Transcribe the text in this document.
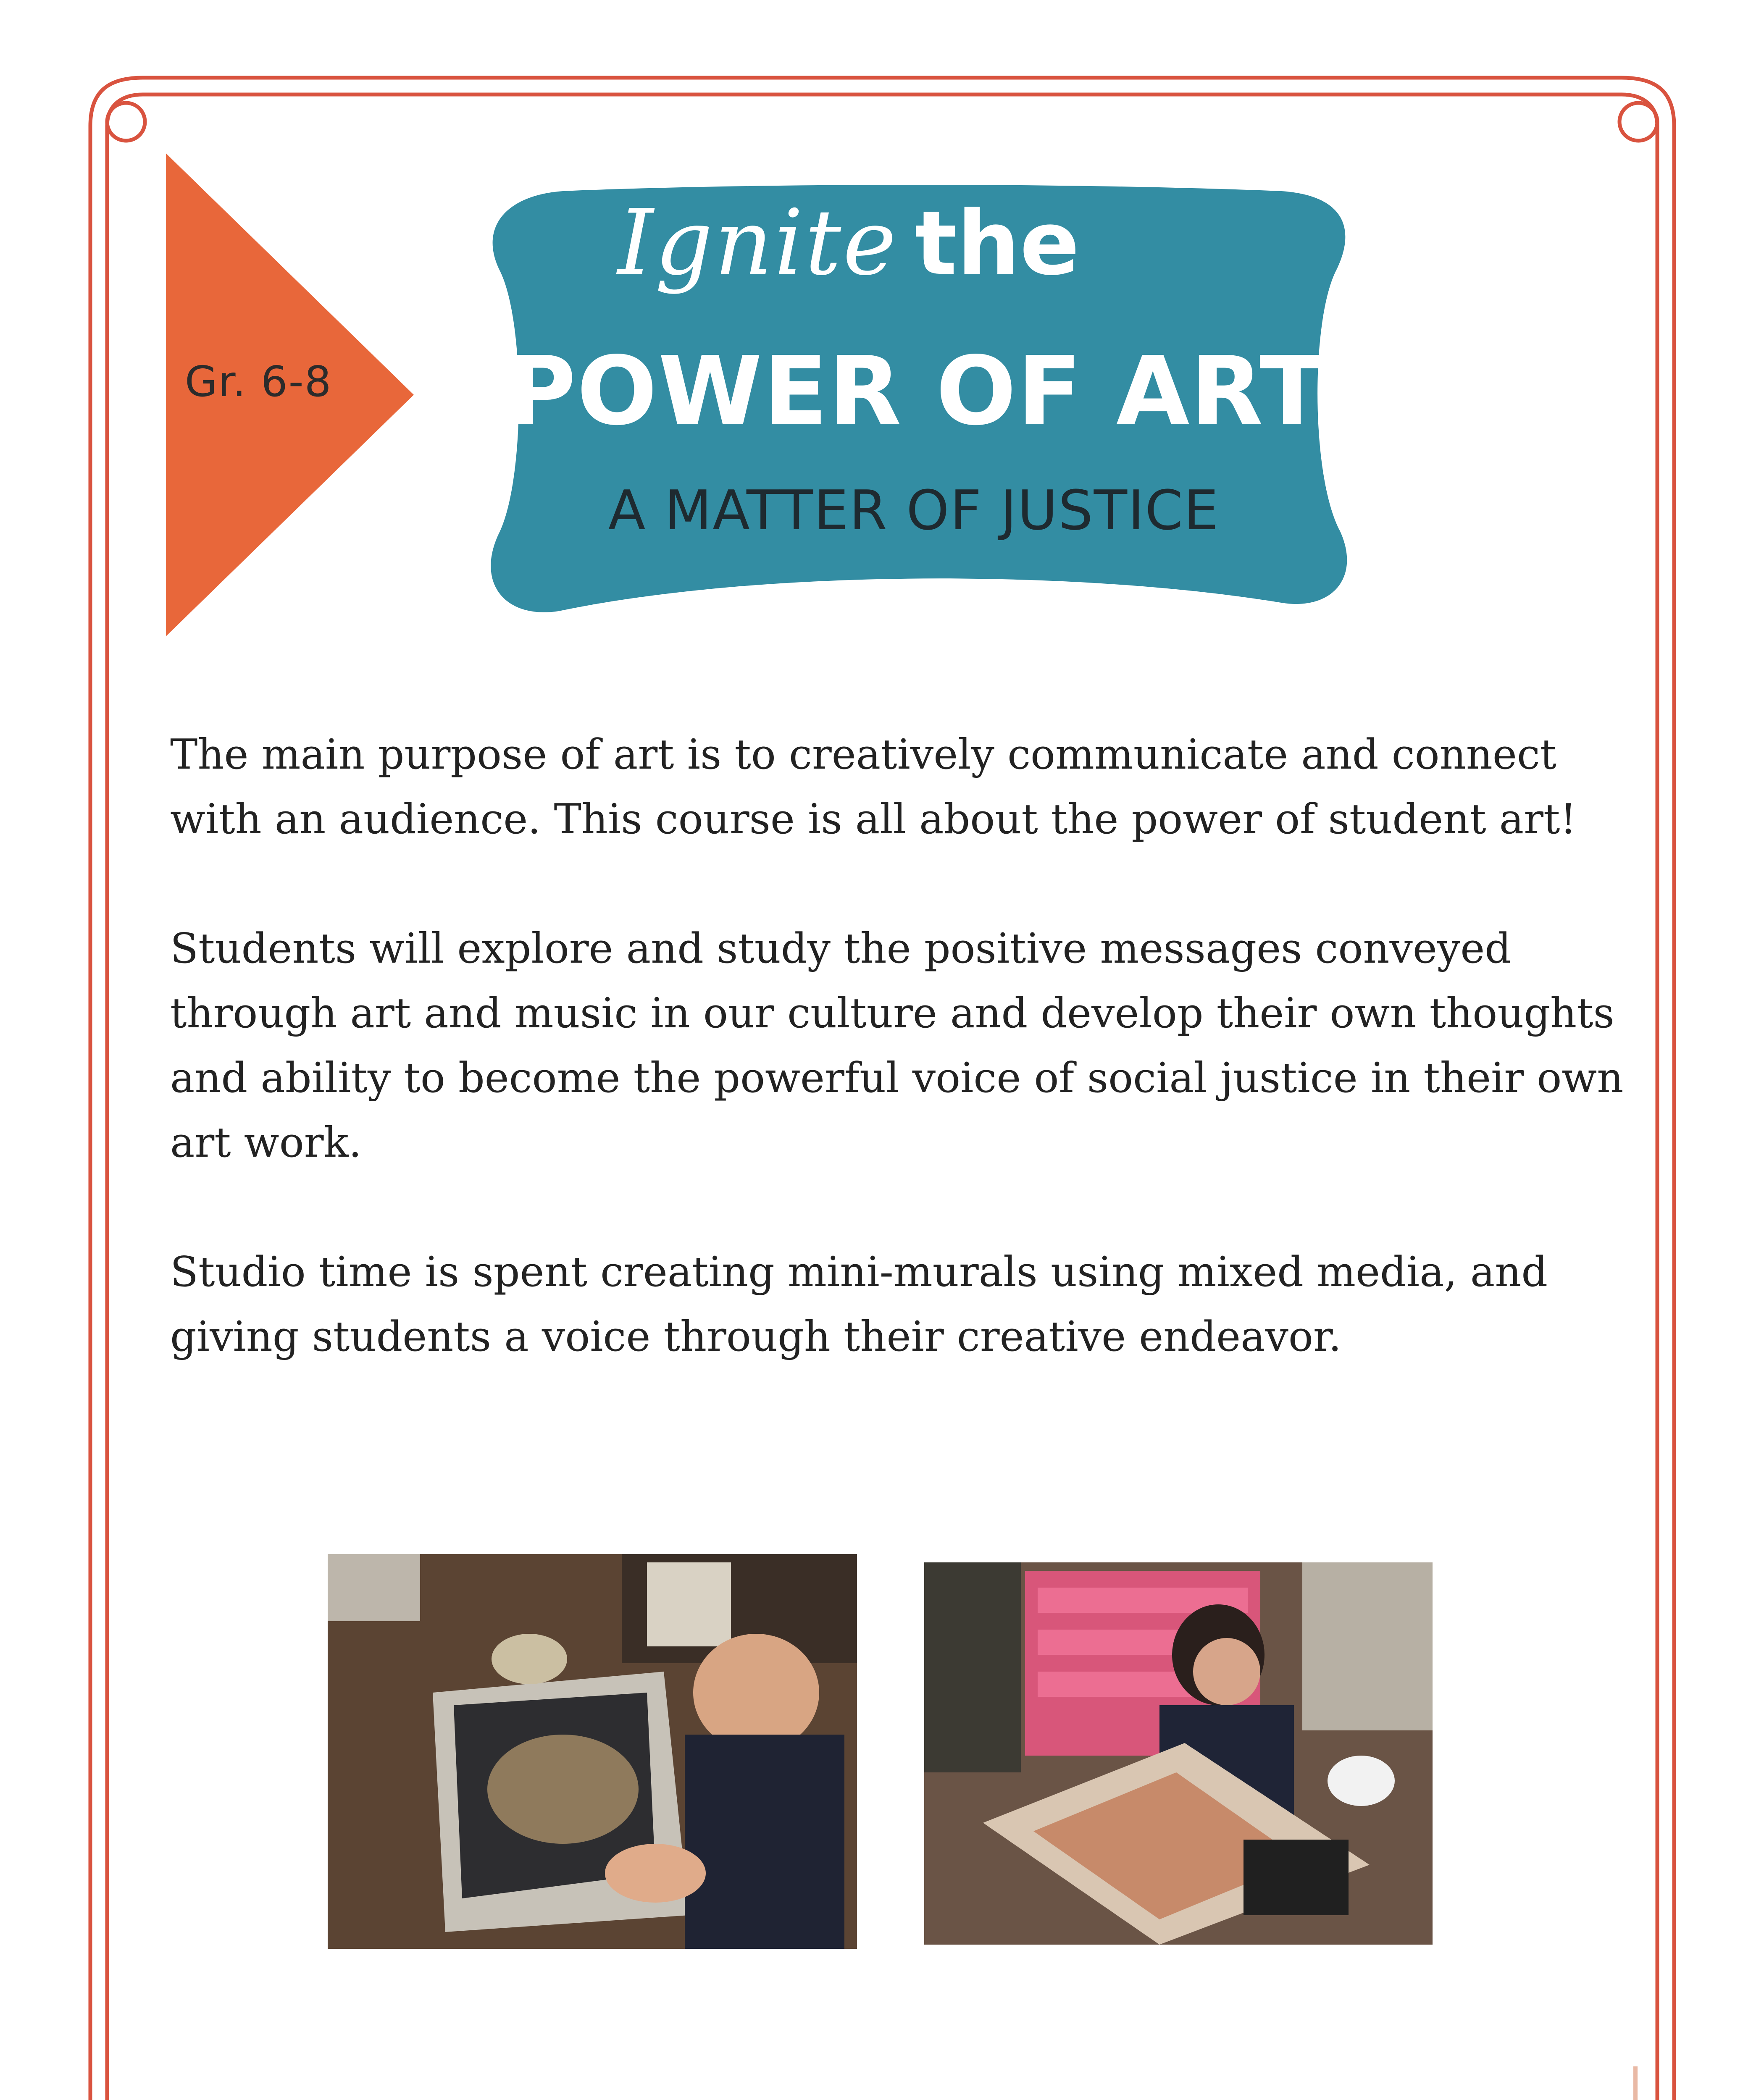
Gr. 6-8
Ignite the
POWER OF ART
A MATTER OF JUSTICE

The main purpose of art is to creatively communicate and connect with an audience. This course is all about the power of student art!

Students will explore and study the positive messages conveyed through art and music in our culture and develop their own thoughts and ability to become the powerful voice of social justice in their own art work.

Studio time is spent creating mini-murals using mixed media, and giving students a voice through their creative endeavor.
